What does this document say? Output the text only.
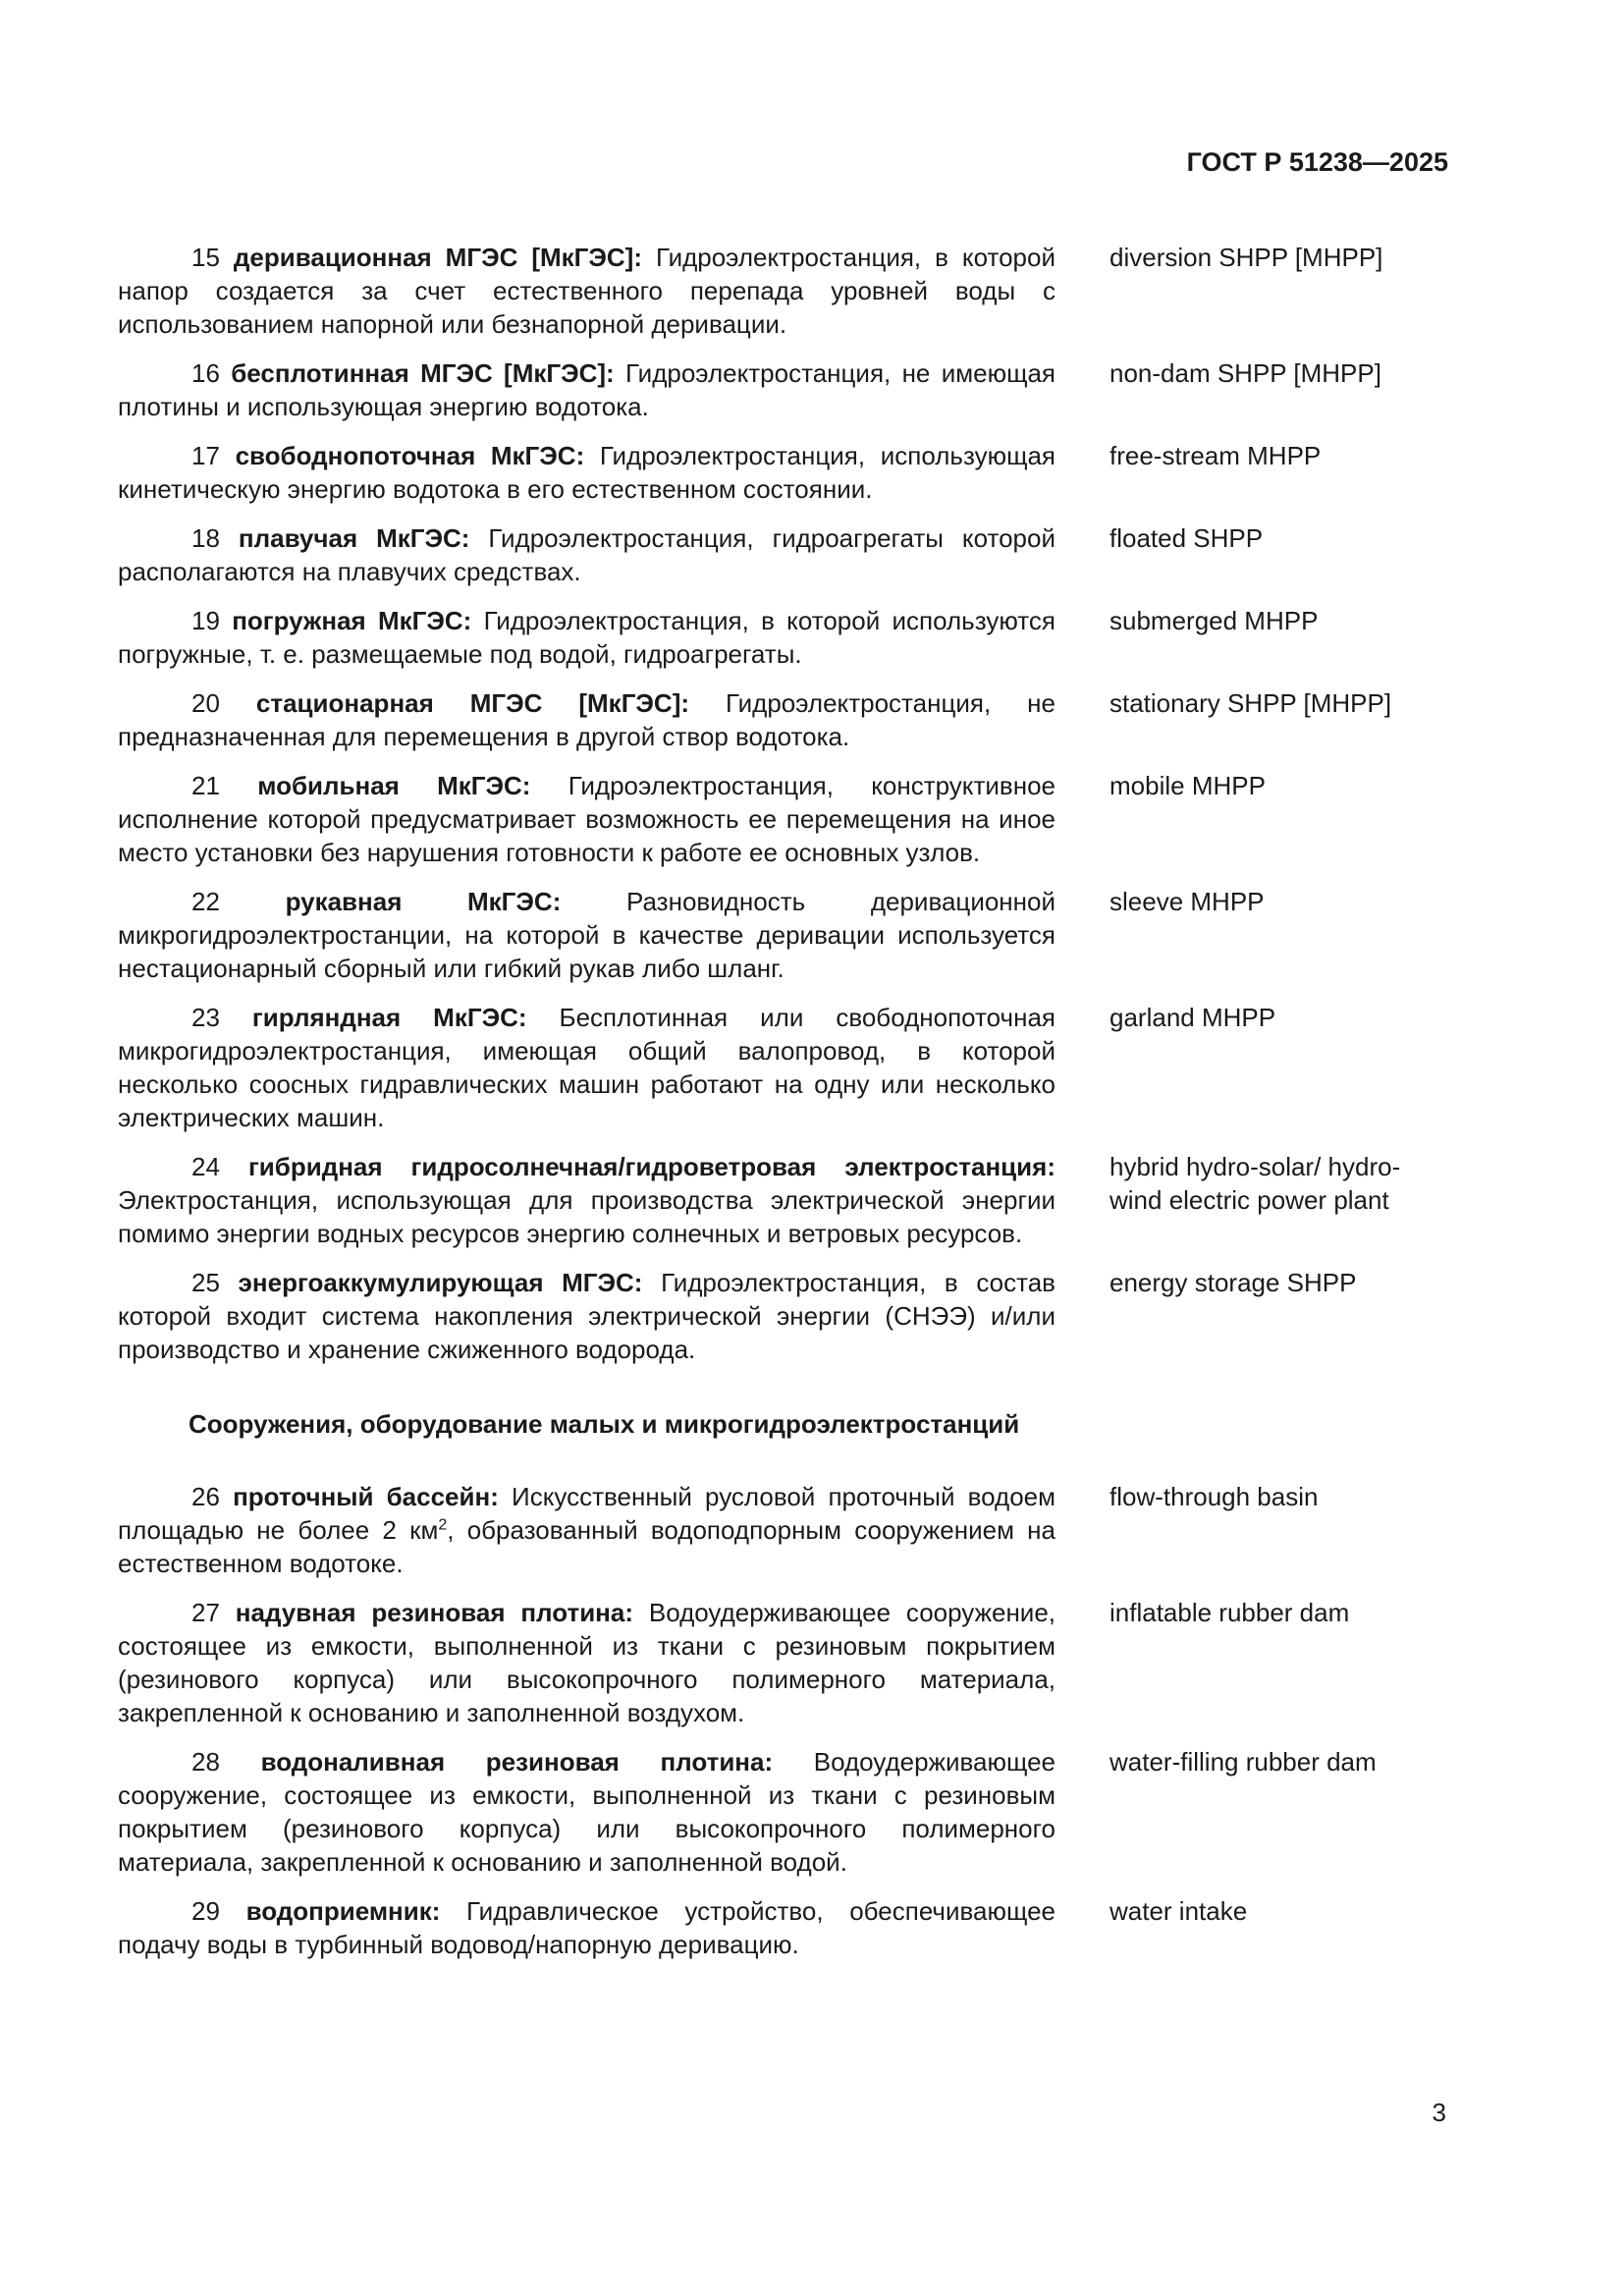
ГОСТ Р 51238—2025
15 деривационная МГЭС [МкГЭС]: Гидроэлектростанция, в которой напор создается за счет естественного перепада уровней воды с использованием напорной или безнапорной деривации.
diversion SHPP [MHPP]
16 бесплотинная МГЭС [МкГЭС]: Гидроэлектростанция, не имеющая плотины и использующая энергию водотока.
non-dam SHPP [MHPP]
17 свободнопоточная МкГЭС: Гидроэлектростанция, использующая кинетическую энергию водотока в его естественном состоянии.
free-stream MHPP
18 плавучая МкГЭС: Гидроэлектростанция, гидроагрегаты которой располагаются на плавучих средствах.
floated SHPP
19 погружная МкГЭС: Гидроэлектростанция, в которой используются погружные, т. е. размещаемые под водой, гидроагрегаты.
submerged MHPP
20 стационарная МГЭС [МкГЭС]: Гидроэлектростанция, не предназначенная для перемещения в другой створ водотока.
stationary SHPP [MHPP]
21 мобильная МкГЭС: Гидроэлектростанция, конструктивное исполнение которой предусматривает возможность ее перемещения на иное место установки без нарушения готовности к работе ее основных узлов.
mobile MHPP
22	рукавная МкГЭС:	Разновидность деривационной микрогидроэлектростанции, на которой в качестве деривации используется нестационарный сборный или гибкий рукав либо шланг.
sleeve MHPP
23 гирляндная МкГЭС: Бесплотинная или свободнопоточная микрогидроэлектростанция, имеющая общий валопровод, в которой несколько соосных гидравлических машин работают на одну или несколько электрических машин.
garland MHPP
24 гибридная гидросолнечная/гидроветровая электростанция: Электростанция, использующая для производства электрической энергии помимо энергии водных ресурсов энергию солнечных и ветровых ресурсов.
hybrid hydro-solar/ hydro-wind electric power plant
25 энергоаккумулирующая МГЭС: Гидроэлектростанция, в состав которой входит система накопления электрической энергии (СНЭЭ) и/или производство и хранение сжиженного водорода.
energy storage SHPP
Сооружения, оборудование малых и микрогидроэлектростанций
26 проточный бассейн: Искусственный русловой проточный водоем площадью не более 2 $км^2$, образованный водоподпорным сооружением на естественном водотоке.
flow-through basin
27 надувная резиновая плотина: Водоудерживающее сооружение, состоящее из емкости, выполненной из ткани с резиновым покрытием (резинового корпуса) или высокопрочного полимерного материала, закрепленной к основанию и заполненной воздухом.
inflatable rubber dam
28 водоналивная резиновая плотина: Водоудерживающее сооружение, состоящее из емкости, выполненной из ткани с резиновым покрытием (резинового корпуса) или высокопрочного полимерного материала, закрепленной к основанию и заполненной водой.
water-filling rubber dam
29 водоприемник: Гидравлическое устройство, обеспечивающее подачу воды в турбинный водовод/напорную деривацию.
water intake
3
